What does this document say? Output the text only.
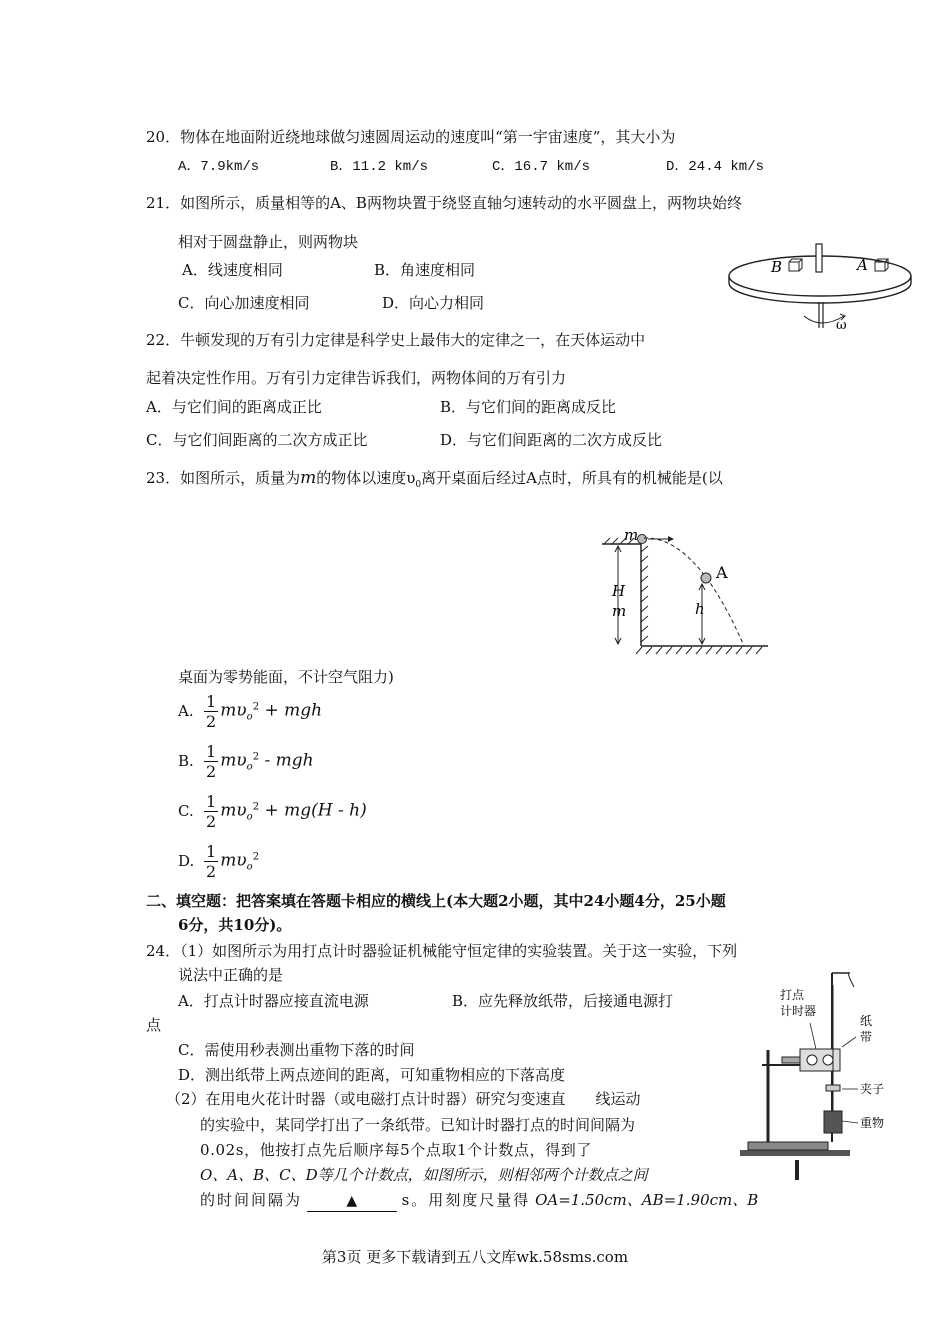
20．物体在地面附近绕地球做匀速圆周运动的速度叫“第一宇宙速度”，其大小为
A．7.9km/s	B．11.2 km/s	C．16.7 km/s	D．24.4 km/s
21．如图所示，质量相等的A、B两物块置于绕竖直轴匀速转动的水平圆盘上，两物块始终
相对于圆盘静止，则两物块
A．线速度相同	B．角速度相同
C．向心加速度相同	D．向心力相同
B	A
ω
22．牛顿发现的万有引力定律是科学史上最伟大的定律之一，在天体运动中
起着决定性作用。万有引力定律告诉我们，两物体间的万有引力
A．与它们间的距离成正比	B．与它们间的距离成反比
C．与它们间距离的二次方成正比	D．与它们间距离的二次方成反比
23．如图所示，质量为m的物体以速度$\upsilon_0$离开桌面后经过A点时，所具有的机械能是(以
m
A
H
m	h
桌面为零势能面，不计空气阻力)
A. $\frac{1}{2} m\upsilon_o^2$ + mgh
B. $\frac{1}{2} m\upsilon_o^2$ - mgh
C. $\frac{1}{2} m\upsilon_o^2 + mg(H - h)$
D. $\frac{1}{2} m\upsilon_o^2$
二、填空题：把答案填在答题卡相应的横线上(本大题2小题，其中24小题4分，25小题
6分，共10分)。
24．（1）如图所示为用打点计时器验证机械能守恒定律的实验装置。关于这一实验，下列
说法中正确的是
A．打点计时器应接直流电源	B．应先释放纸带，后接通电源打
点
C．需使用秒表测出重物下落的时间
D．测出纸带上两点迹间的距离，可知重物相应的下落高度
（2）在用电火花计时器（或电磁打点计时器）研究匀变速直 线运动
的实验中，某同学打出了一条纸带。已知计时器打点的时间间隔为
0.02s，他按打点先后顺序每5个点取1个计数点，得到了
O、A、B、C、D等几个计数点，如图所示，则相邻两个计数点之间
的时间间隔为	▲	s。用刻度尺量得 OA=1.50cm、AB=1.90cm、B
打点
计时器
纸
带
夹子
重物
第3页 更多下载请到五八文库wk.58sms.com
